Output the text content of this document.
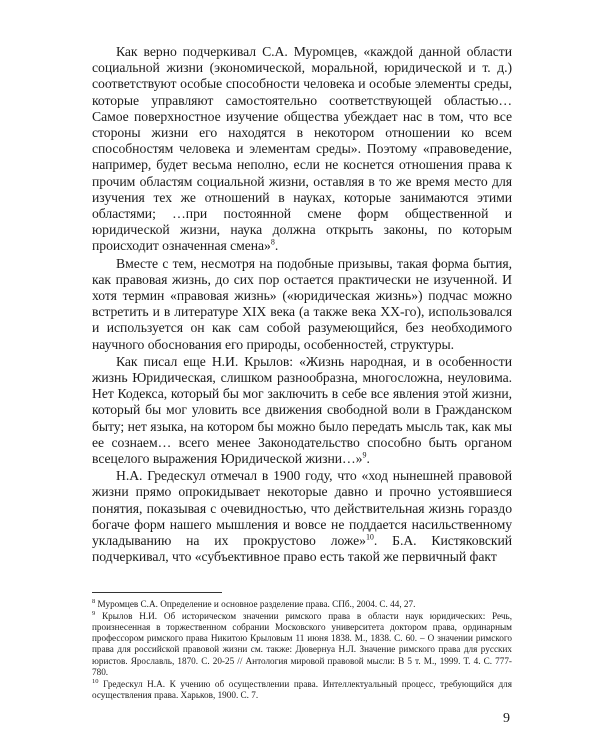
Как верно подчеркивал С.А. Муромцев, «каждой данной области социальной жизни (экономической, моральной, юридической и т. д.) соответствуют особые способности человека и особые элементы среды, которые управляют самостоятельно соответствующей областью… Самое поверхностное изучение общества убеждает нас в том, что все стороны жизни его находятся в некотором отношении ко всем способностям человека и элементам среды». Поэтому «правоведение, например, будет весьма неполно, если не коснется отношения права к прочим областям социальной жизни, оставляя в то же время место для изучения тех же отношений в науках, которые занимаются этими областями; …при постоянной смене форм общественной и юридической жизни, наука должна открыть законы, по которым происходит означенная смена»$^8$.

Вместе с тем, несмотря на подобные призывы, такая форма бытия, как правовая жизнь, до сих пор остается практически не изученной. И хотя термин «правовая жизнь» («юридическая жизнь») подчас можно встретить и в литературе XIX века (а также века XX-го), использовался и используется он как сам собой разумеющийся, без необходимого научного обоснования его природы, особенностей, структуры.

Как писал еще Н.И. Крылов: «Жизнь народная, и в особенности жизнь Юридическая, слишком разнообразна, многосложна, неуловима. Нет Кодекса, который бы мог заключить в себе все явления этой жизни, который бы мог уловить все движения свободной воли в Гражданском быту; нет языка, на котором бы можно было передать мысль так, как мы ее сознаем… всего менее Законодательство способно быть органом всецелого выражения Юридической жизни…»$^9$.

Н.А. Гредескул отмечал в 1900 году, что «ход нынешней правовой жизни прямо опрокидывает некоторые давно и прочно устоявшиеся понятия, показывая с очевидностью, что действительная жизнь гораздо богаче форм нашего мышления и вовсе не поддается насильственному укладыванию на их прокрустово ложе»$^{10}$. Б.А. Кистяковский подчеркивал, что «субъективное право есть такой же первичный факт

$^8$ Муромцев С.А. Определение и основное разделение права. СПб., 2004. С. 44, 27.

$^9$ Крылов Н.И. Об историческом значении римского права в области наук юридических: Речь, произнесенная в торжественном собрании Московского университета доктором права, ординарным профессором римского права Никитою Крыловым 11 июня 1838. М., 1838. С. 60. – О значении римского права для российской правовой жизни см. также: Дювернуа Н.Л. Значение римского права для русских юристов. Ярославль, 1870. С. 20-25 // Антология мировой правовой мысли: В 5 т. М., 1999. Т. 4. С. 777-780.

$^{10}$ Гредескул Н.А. К учению об осуществлении права. Интеллектуальный процесс, требующийся для осуществления права. Харьков, 1900. С. 7.

9
